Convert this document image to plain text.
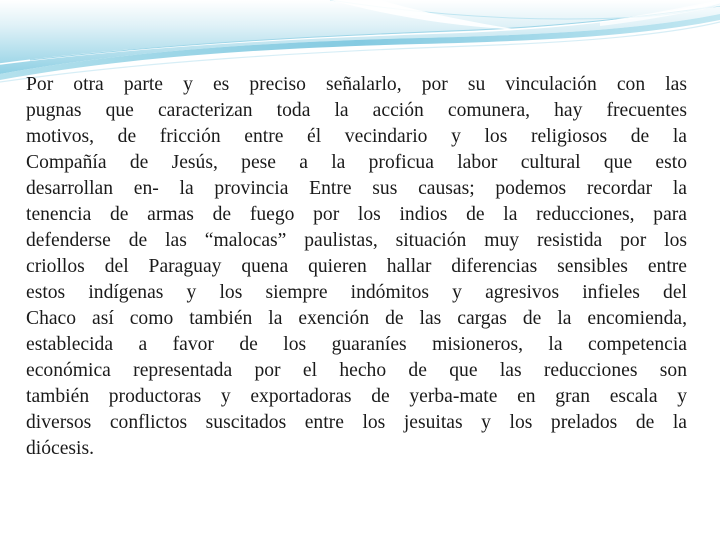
Por otra parte y es preciso señalarlo, por su vinculación con las
pugnas que caracterizan toda la acción comunera, hay frecuentes
motivos, de fricción entre él vecindario y los religiosos de la
Compañía de Jesús, pese a la proficua labor cultural que esto
desarrollan en- la provincia Entre sus causas; podemos recordar la
tenencia de armas de fuego por los indios de la reducciones, para
defenderse de las “malocas” paulistas, situación muy resistida por los
criollos del Paraguay quena quieren hallar diferencias sensibles entre
estos indígenas y los siempre indómitos y agresivos infieles del
Chaco así como también la exención de las cargas de la encomienda,
establecida a favor de los guaraníes misioneros, la competencia
económica representada por el hecho de que las reducciones son
también productoras y exportadoras de yerba-mate en gran escala y
diversos conflictos suscitados entre los jesuitas y los prelados de la
diócesis.
